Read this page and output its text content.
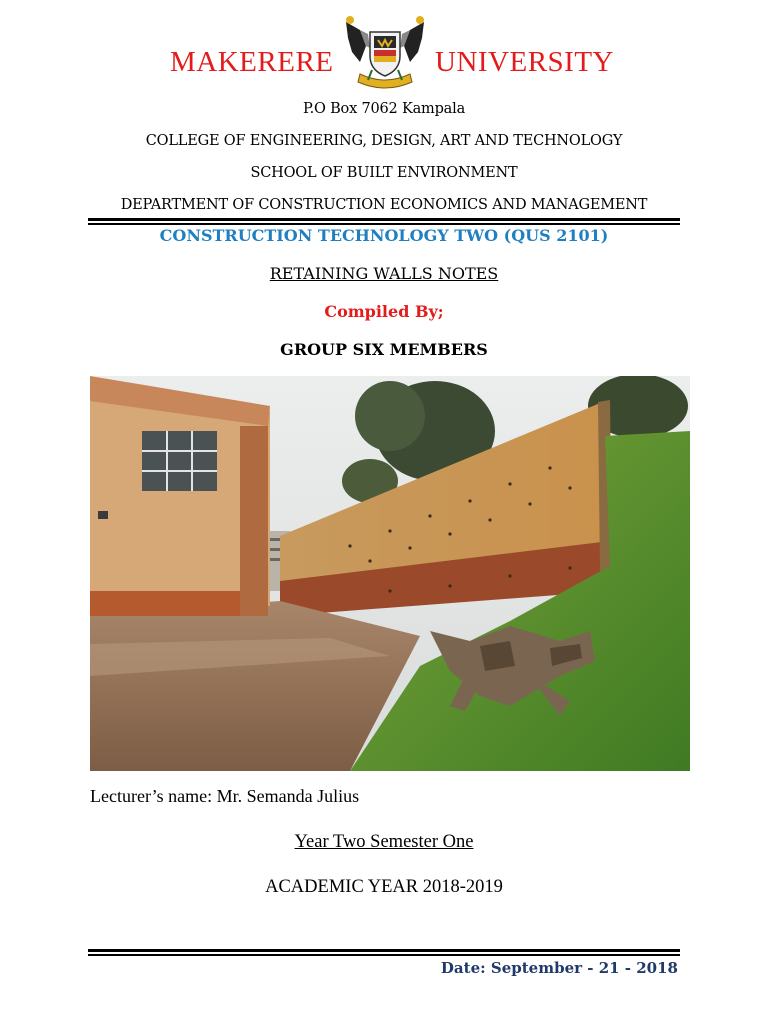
MAKERERE	UNIVERSITY
P.O Box 7062 Kampala
COLLEGE OF ENGINEERING, DESIGN, ART AND TECHNOLOGY
SCHOOL OF BUILT ENVIRONMENT
DEPARTMENT OF CONSTRUCTION ECONOMICS AND MANAGEMENT
CONSTRUCTION TECHNOLOGY TWO (QUS 2101)
RETAINING WALLS NOTES
Compiled By;
GROUP SIX MEMBERS
Lecturer’s name: Mr. Semanda Julius
Year Two Semester One
ACADEMIC YEAR 2018-2019
Date: September - 21 - 2018
